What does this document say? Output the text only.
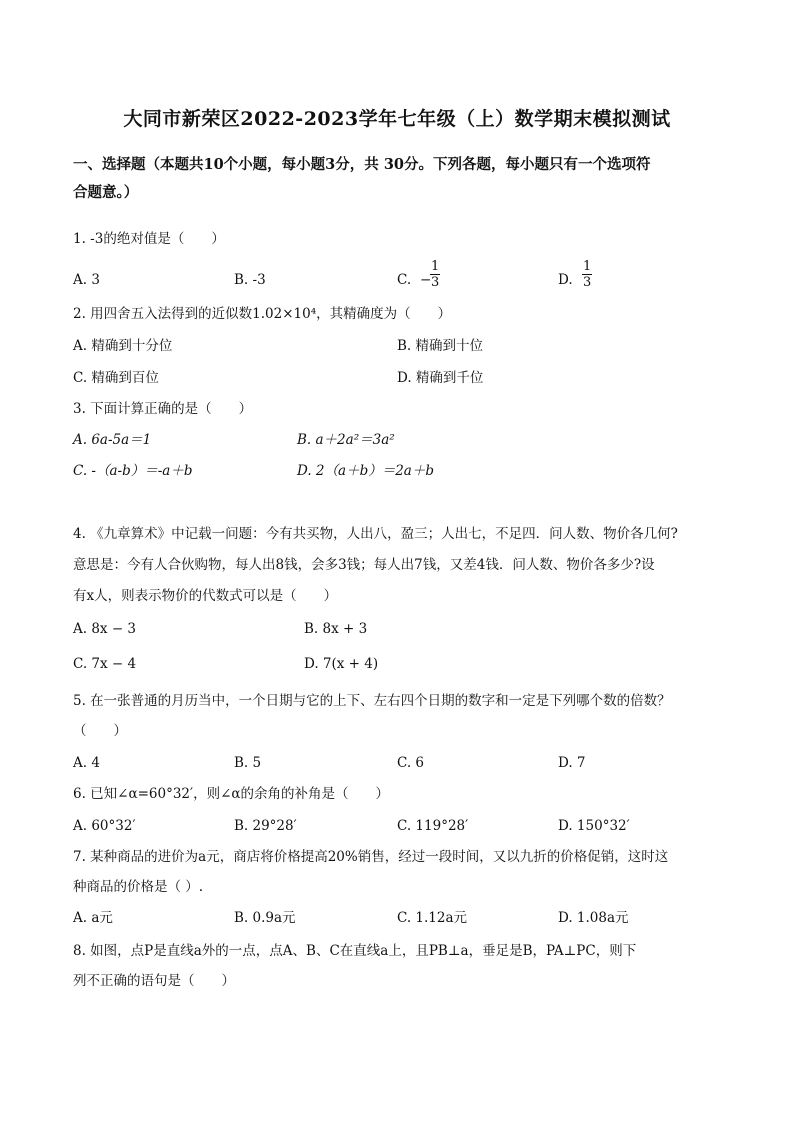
大同市新荣区2022-2023学年七年级（上）数学期末模拟测试
一、选择题（本题共10个小题，每小题3分，共 30分。下列各题，每小题只有一个选项符
合题意。）
1. -3的绝对值是（　　）
A. 3	B. -3	C. −
$\frac{1}{3}$	D. $\frac{1}{3}$
2. 用四舍五入法得到的近似数1.02×10⁴，其精确度为（　　）
A. 精确到十分位	B. 精确到十位
C. 精确到百位	D. 精确到千位
3. 下面计算正确的是（　　）
A. 6a-5a＝1	B. a＋2a²＝3a²
C. -（a-b）＝-a＋b	D. 2（a＋b）＝2a＋b
4. 《九章算术》中记载一问题：今有共买物，人出八，盈三；人出七，不足四．问人数、物价各几何?
意思是：今有人合伙购物，每人出8钱，会多3钱；每人出7钱，又差4钱．问人数、物价各多少?设
有x人，则表示物价的代数式可以是（　　）
A. 8x − 3	B. 8x + 3
C. 7x − 4	D. 7(x + 4)
5. 在一张普通的月历当中，一个日期与它的上下、左右四个日期的数字和一定是下列哪个数的倍数？
（　　）
A. 4	B. 5	C. 6	D. 7
6. 已知∠α=60°32′，则∠α的余角的补角是（　　）
A. 60°32′	B. 29°28′	C. 119°28′	D. 150°32′
7. 某种商品的进价为a元，商店将价格提高20%销售，经过一段时间，又以九折的价格促销，这时这
种商品的价格是（ ）.
A. a元	B. 0.9a元	C. 1.12a元	D. 1.08a元
8. 如图，点P是直线a外的一点，点A、B、C在直线a上，且PB⊥a，垂足是B，PA⊥PC，则下
列不正确的语句是（　　）
